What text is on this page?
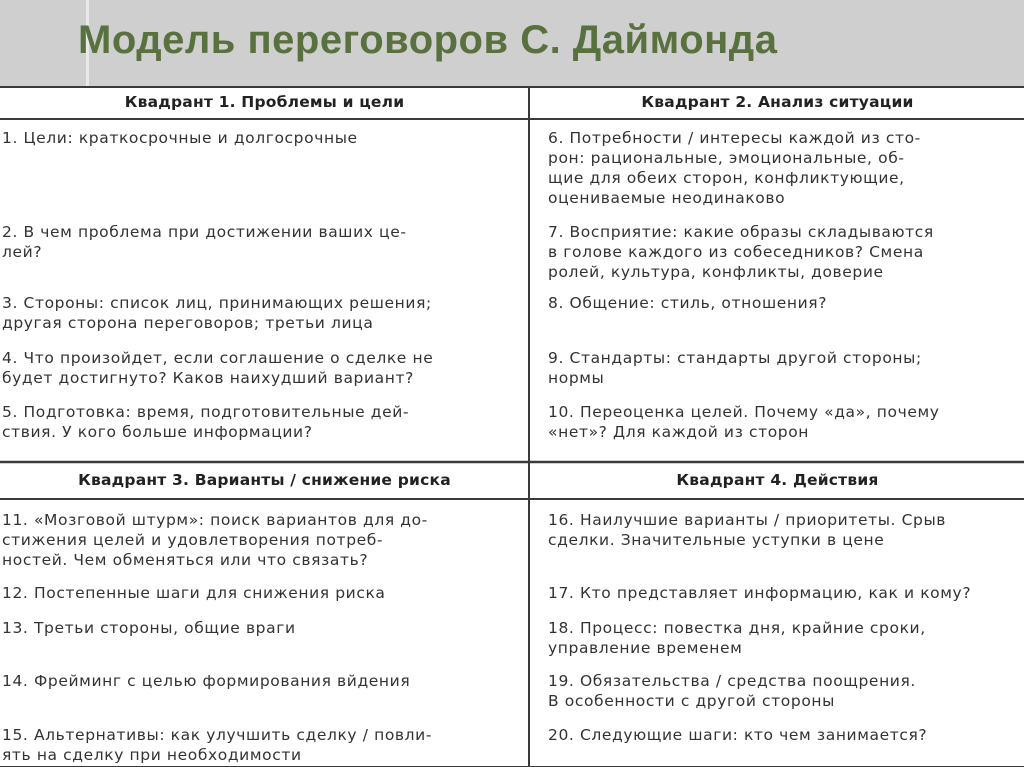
Модель переговоров С. Даймонда
Квадрант 1. Проблемы и цели
1. Цели: краткосрочные и долгосрочные
2. В чем проблема при достижении ваших це-
лей?
3. Стороны: список лиц, принимающих решения;
другая сторона переговоров; третьи лица
4. Что произойдет, если соглашение о сделке не
будет достигнуто? Каков наихудший вариант?
5. Подготовка: время, подготовительные дей-
ствия. У кого больше информации?
Квадрант 2. Анализ ситуации
6. Потребности / интересы каждой из сто-
рон: рациональные, эмоциональные, об-
щие для обеих сторон, конфликтующие,
оцениваемые неодинаково
7. Восприятие: какие образы складываются
в голове каждого из собеседников? Смена
ролей, культура, конфликты, доверие
8. Общение: стиль, отношения?
9. Стандарты: стандарты другой стороны;
нормы
10. Переоценка целей. Почему «да», почему
«нет»? Для каждой из сторон
Квадрант 3. Варианты / снижение риска
11. «Мозговой штурм»: поиск вариантов для до-
стижения целей и удовлетворения потреб-
ностей. Чем обменяться или что связать?
12. Постепенные шаги для снижения риска
13. Третьи стороны, общие враги
14. Фрейминг с целью формирования вйдения
15. Альтернативы: как улучшить сделку / повли-
ять на сделку при необходимости
Квадрант 4. Действия
16. Наилучшие варианты / приоритеты. Срыв
сделки. Значительные уступки в цене
17. Кто представляет информацию, как и кому?
18. Процесс: повестка дня, крайние сроки,
управление временем
19. Обязательства / средства поощрения.
В особенности с другой стороны
20. Следующие шаги: кто чем занимается?
